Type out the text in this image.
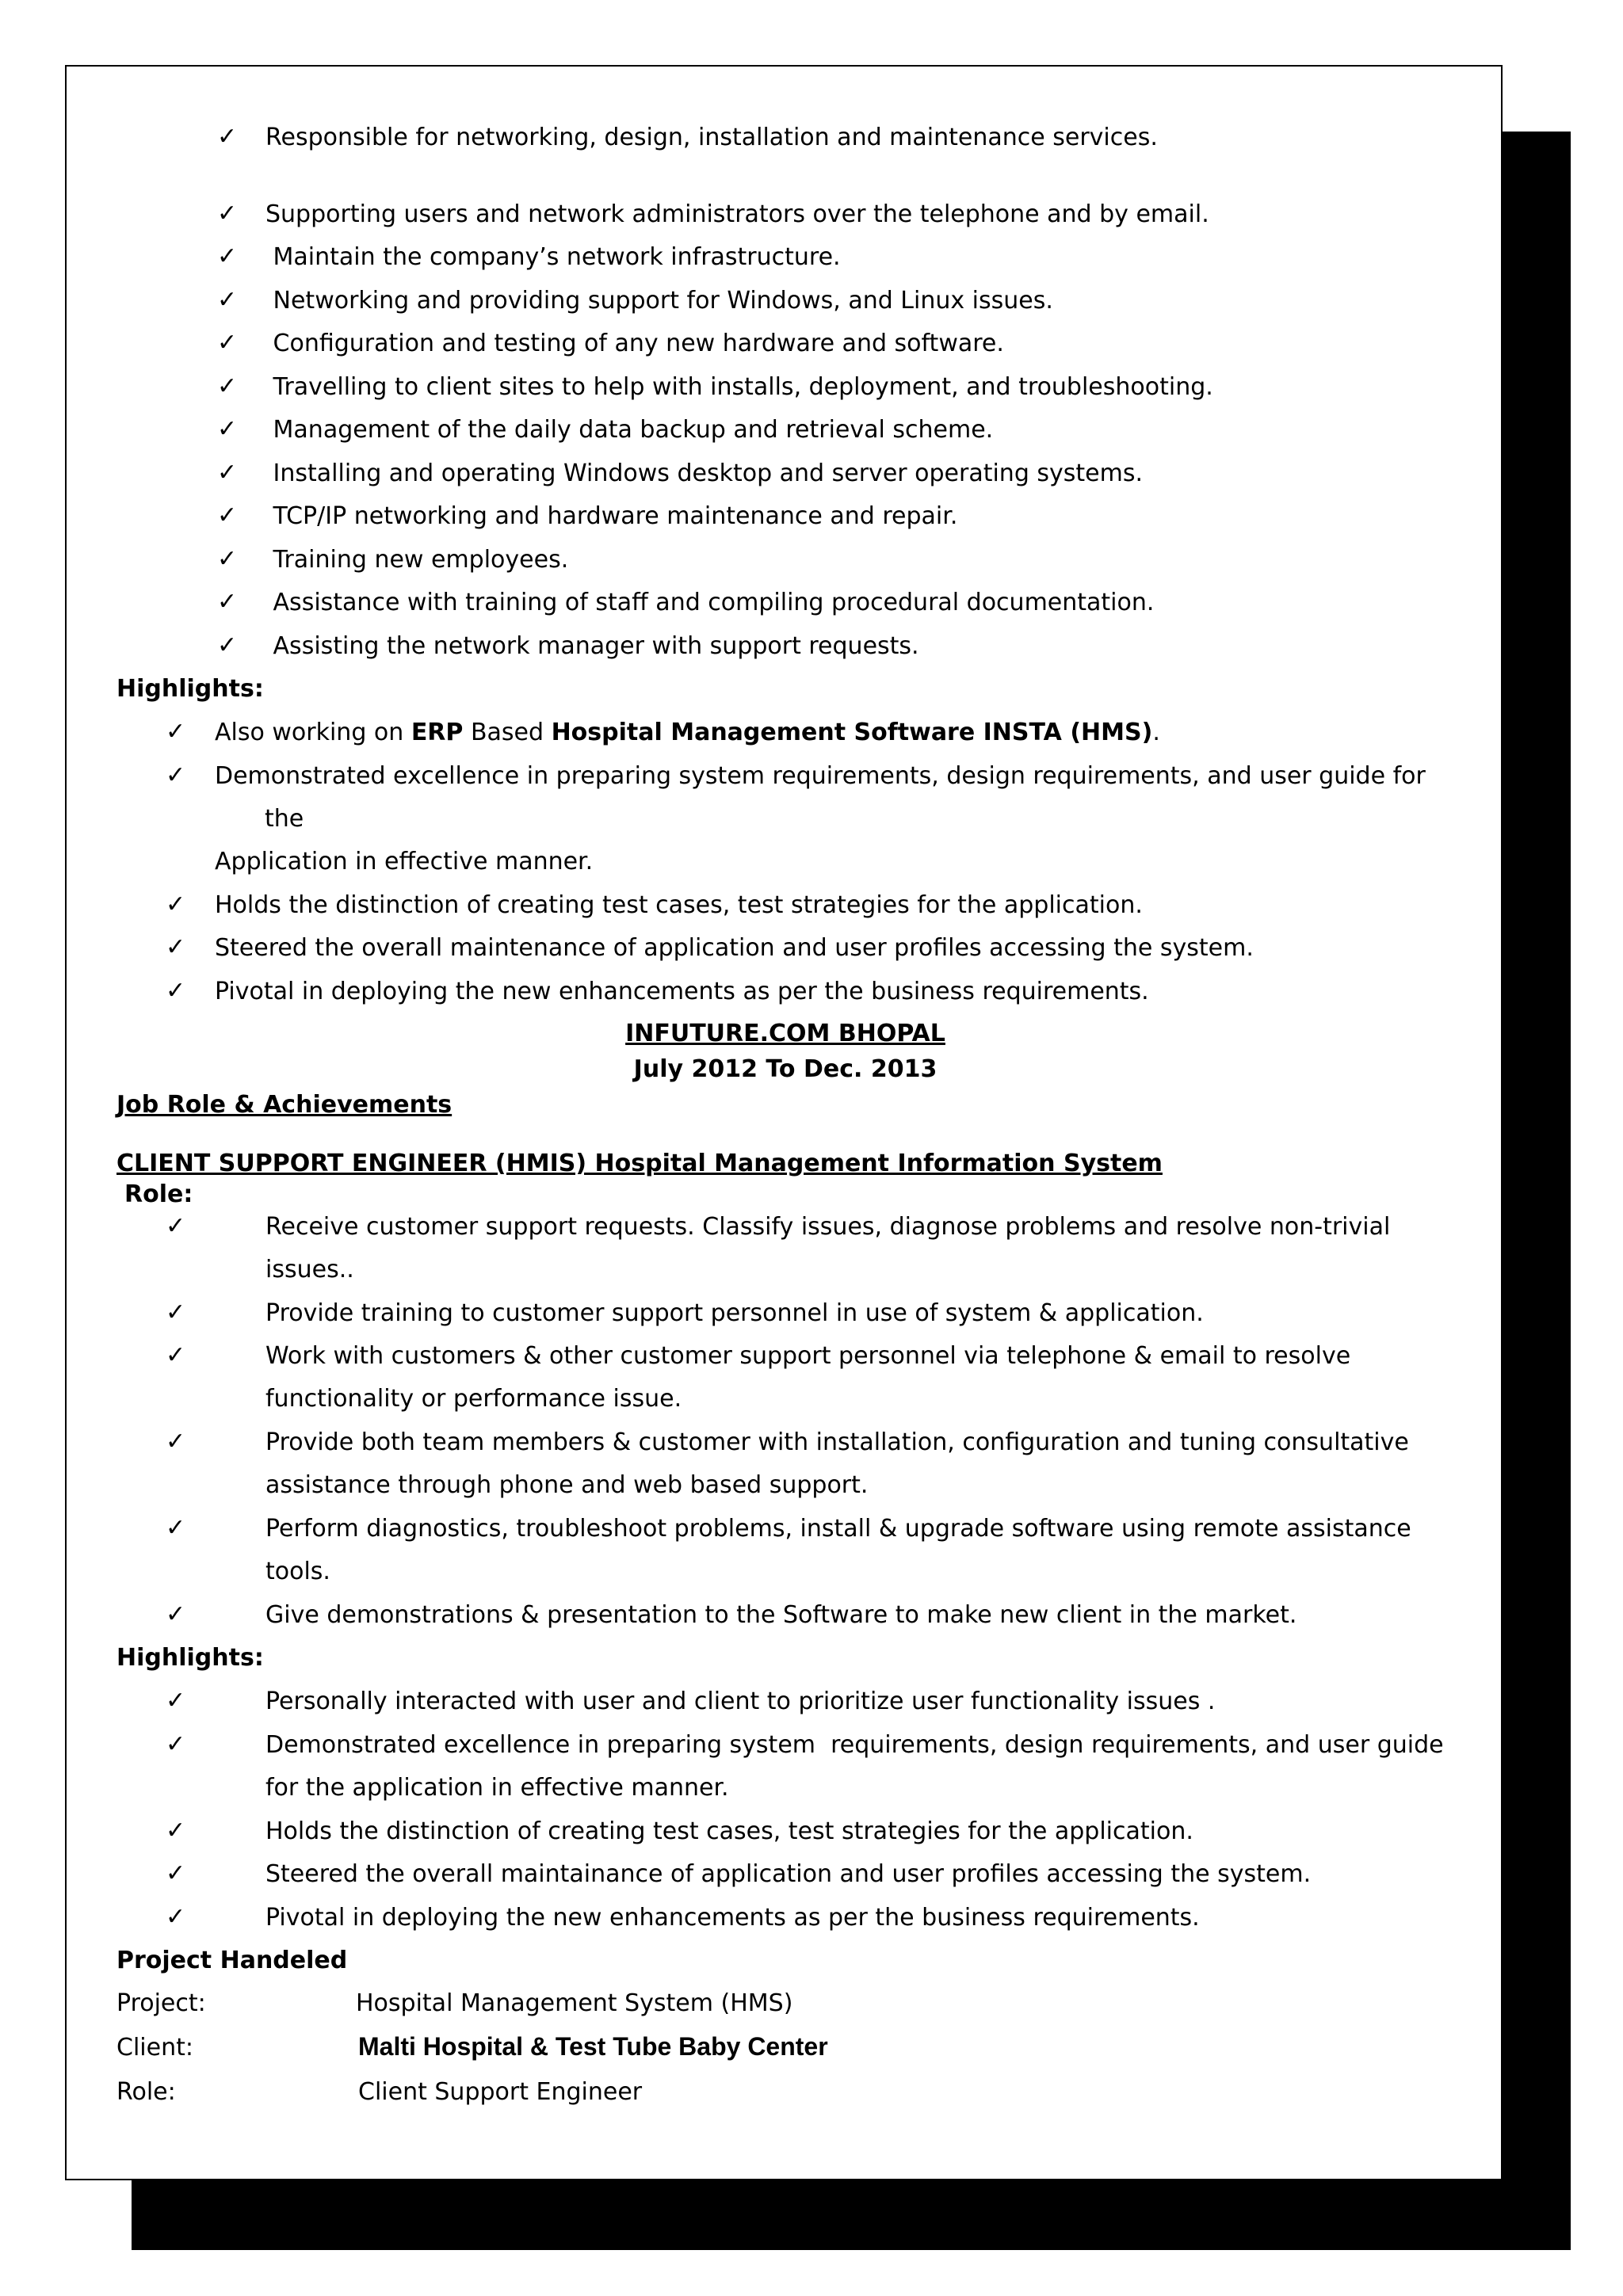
✓ Responsible for networking, design, installation and maintenance services.
✓ Supporting users and network administrators over the telephone and by email.
✓ Maintain the company’s network infrastructure.
✓ Networking and providing support for Windows, and Linux issues.
✓ Configuration and testing of any new hardware and software.
✓ Travelling to client sites to help with installs, deployment, and troubleshooting.
✓ Management of the daily data backup and retrieval scheme.
✓ Installing and operating Windows desktop and server operating systems.
✓ TCP/IP networking and hardware maintenance and repair.
✓ Training new employees.
✓ Assistance with training of staff and compiling procedural documentation.
✓ Assisting the network manager with support requests.
Highlights:
✓ Also working on ERP Based Hospital Management Software INSTA (HMS).
✓ Demonstrated excellence in preparing system requirements, design requirements, and user guide for
the
Application in effective manner.
✓ Holds the distinction of creating test cases, test strategies for the application.
✓ Steered the overall maintenance of application and user profiles accessing the system.
✓ Pivotal in deploying the new enhancements as per the business requirements.
INFUTURE.COM BHOPAL
July 2012 To Dec. 2013
Job Role & Achievements
CLIENT SUPPORT ENGINEER (HMIS) Hospital Management Information System
Role:
✓	Receive customer support requests. Classify issues, diagnose problems and resolve non-trivial
issues..
✓	Provide training to customer support personnel in use of system & application.
✓	Work with customers & other customer support personnel via telephone & email to resolve
functionality or performance issue.
✓	Provide both team members & customer with installation, configuration and tuning consultative
assistance through phone and web based support.
✓	Perform diagnostics, troubleshoot problems, install & upgrade software using remote assistance
tools.
✓	Give demonstrations & presentation to the Software to make new client in the market.
Highlights:
✓	Personally interacted with user and client to prioritize user functionality issues .
✓	Demonstrated excellence in preparing system  requirements, design requirements, and user guide
for the application in effective manner.
✓	Holds the distinction of creating test cases, test strategies for the application.
✓	Steered the overall maintainance of application and user profiles accessing the system.
✓	Pivotal in deploying the new enhancements as per the business requirements.
Project Handeled
Project:	Hospital Management System (HMS)
Client:	Malti Hospital & Test Tube Baby Center
Role:	Client Support Engineer
